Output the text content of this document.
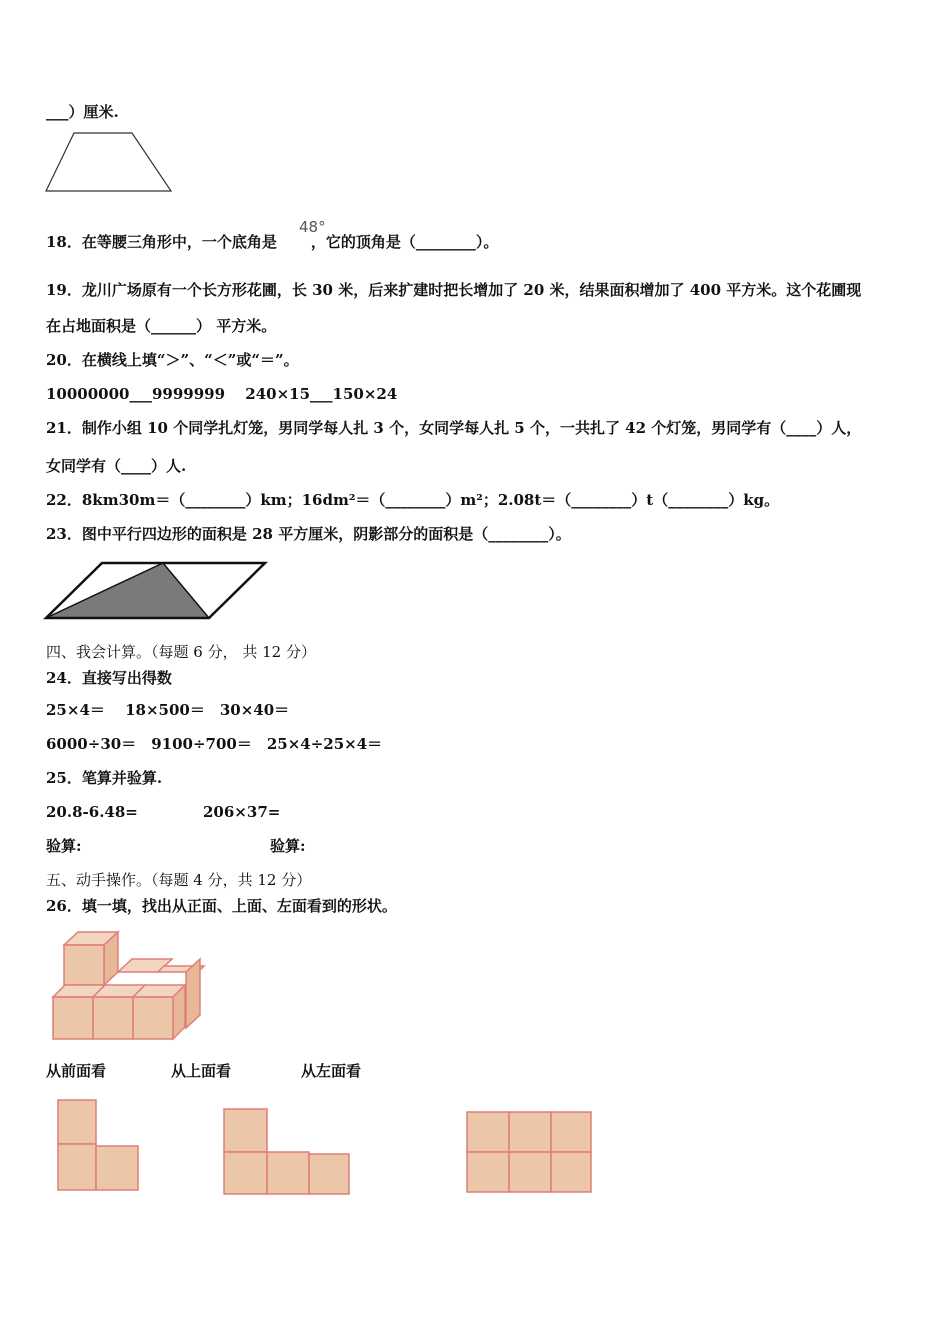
___）厘米.
18．在等腰三角形中，一个底角是 ，它的顶角是（________）。
48°
19．龙川广场原有一个长方形花圃，长 30 米，后来扩建时把长增加了 20 米，结果面积增加了 400 平方米。这个花圃现
在占地面积是（______） 平方米。
20．在横线上填“＞”、“＜”或“＝”。
10000000___9999999　 240×15___150×24
21．制作小组 10 个同学扎灯笼，男同学每人扎 3 个，女同学每人扎 5 个，一共扎了 42 个灯笼，男同学有（____）人，
女同学有（____）人.
22．8km30m＝（________）km；16dm²＝（________）m²；2.08t＝（________）t（________）kg。
23．图中平行四边形的面积是 28 平方厘米，阴影部分的面积是（________）。
四、我会计算。（每题 6 分， 共 12 分）
24．直接写出得数
25×4＝　 18×500＝　30×40＝
6000÷30＝　9100÷700＝　25×4÷25×4＝
25．笔算并验算.
20.8-6.48=	206×37=
验算:	验算:
五、动手操作。（每题 4 分，共 12 分）
26．填一填，找出从正面、上面、左面看到的形状。
从前面看	从上面看	从左面看
